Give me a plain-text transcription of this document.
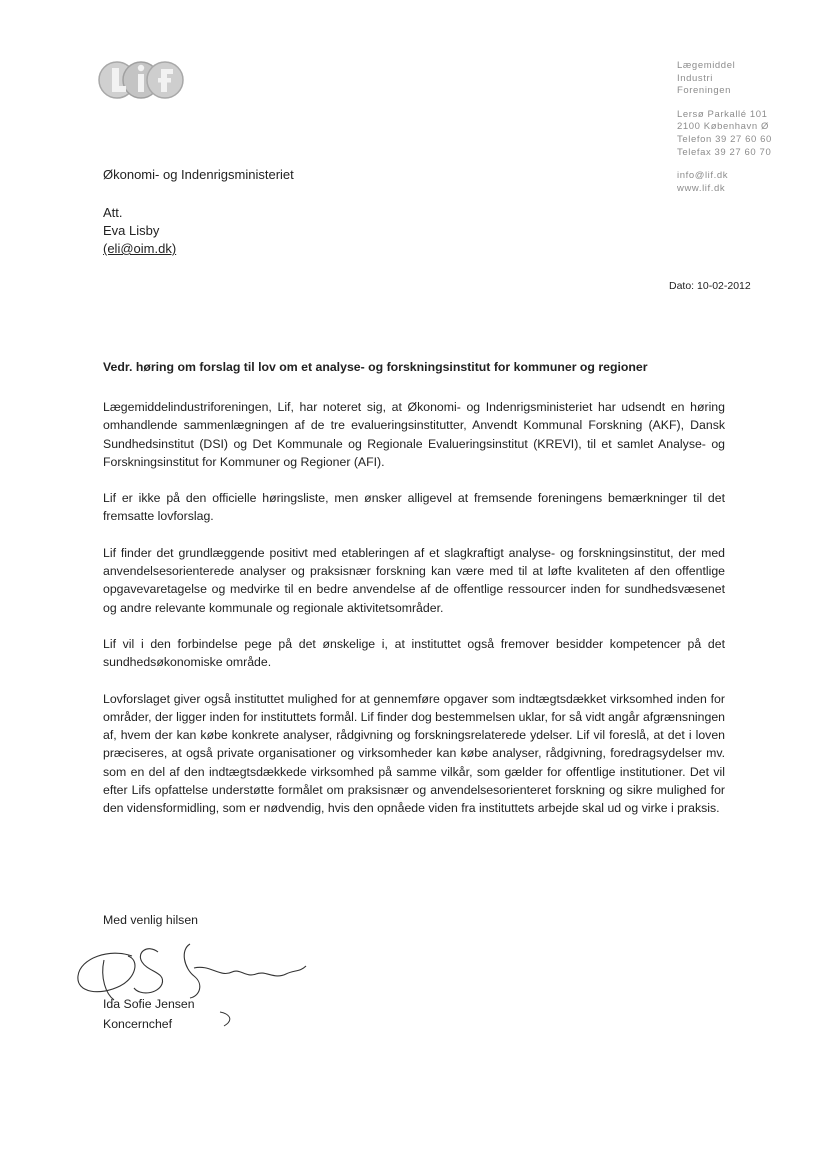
Lægemiddel
Industri
Foreningen
Lersø Parkallé 101
2100 København Ø
Telefon 39 27 60 60
Telefax 39 27 60 70
info@lif.dk
www.lif.dk
Økonomi- og Indenrigsministeriet
Att.
Eva Lisby
(eli@oim.dk)
Dato: 10-02-2012
Vedr. høring om forslag til lov om et analyse- og forskningsinstitut for kommuner og regioner

Lægemiddelindustriforeningen, Lif, har noteret sig, at Økonomi- og Indenrigsministeriet har udsendt en høring omhandlende sammenlægningen af de tre evalueringsinstitutter, Anvendt Kommunal Forskning (AKF), Dansk Sundhedsinstitut (DSI) og Det Kommunale og Regionale Evalueringsinstitut (KREVI), til et samlet Analyse- og Forskningsinstitut for Kommuner og Regioner (AFI).

Lif er ikke på den officielle høringsliste, men ønsker alligevel at fremsende foreningens bemærkninger til det fremsatte lovforslag.

Lif finder det grundlæggende positivt med etableringen af et slagkraftigt analyse- og forskningsinstitut, der med anvendelsesorienterede analyser og praksisnær forskning kan være med til at løfte kvaliteten af den offentlige opgavevaretagelse og medvirke til en bedre anvendelse af de offentlige ressourcer inden for sundhedsvæsenet og andre relevante kommunale og regionale aktivitetsområder.

Lif vil i den forbindelse pege på det ønskelige i, at instituttet også fremover besidder kompetencer på det sundhedsøkonomiske område.

Lovforslaget giver også instituttet mulighed for at gennemføre opgaver som indtægtsdækket virksomhed inden for områder, der ligger inden for instituttets formål. Lif finder dog bestemmelsen uklar, for så vidt angår afgrænsningen af, hvem der kan købe konkrete analyser, rådgivning og forskningsrelaterede ydelser. Lif vil foreslå, at det i loven præciseres, at også private organisationer og virksomheder kan købe analyser, rådgivning, foredragsydelser mv. som en del af den indtægtsdækkede virksomhed på samme vilkår, som gælder for offentlige institutioner. Det vil efter Lifs opfattelse understøtte formålet om praksisnær og anvendelsesorienteret forskning og sikre mulighed for den vidensformidling, som er nødvendig, hvis den opnåede viden fra instituttets arbejde skal ud og virke i praksis.

Med venlig hilsen
Ida Sofie Jensen
Koncernchef
